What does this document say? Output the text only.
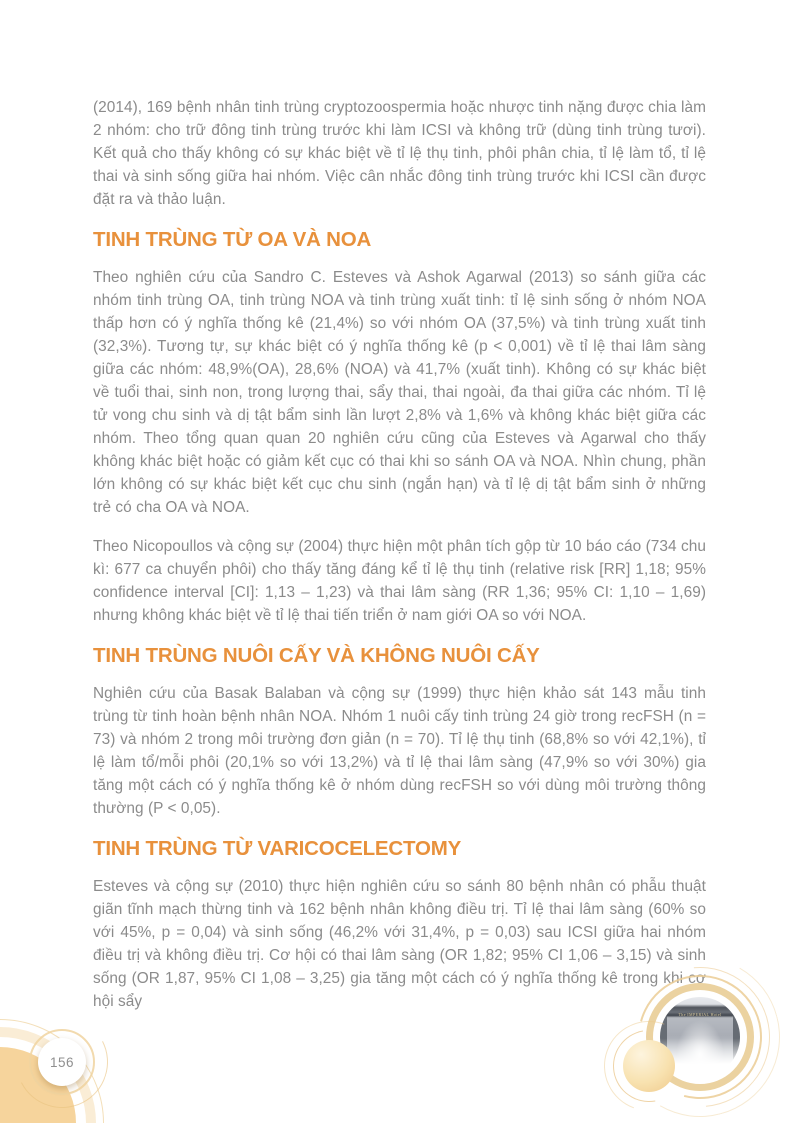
(2014), 169 bệnh nhân tinh trùng cryptozoospermia hoặc nhược tinh nặng được chia làm 2 nhóm: cho trữ đông tinh trùng trước khi làm ICSI và không trữ (dùng tinh trùng tươi). Kết quả cho thấy không có sự khác biệt về tỉ lệ thụ tinh, phôi phân chia, tỉ lệ làm tổ, tỉ lệ thai và sinh sống giữa hai nhóm. Việc cân nhắc đông tinh trùng trước khi ICSI cần được đặt ra và thảo luận.

TINH TRÙNG TỪ OA VÀ NOA

Theo nghiên cứu của Sandro C. Esteves và Ashok Agarwal (2013) so sánh giữa các nhóm tinh trùng OA, tinh trùng NOA và tinh trùng xuất tinh: tỉ lệ sinh sống ở nhóm NOA thấp hơn có ý nghĩa thống kê (21,4%) so với nhóm OA (37,5%) và tinh trùng xuất tinh (32,3%). Tương tự, sự khác biệt có ý nghĩa thống kê (p < 0,001) về tỉ lệ thai lâm sàng giữa các nhóm: 48,9%(OA), 28,6% (NOA) và 41,7% (xuất tinh). Không có sự khác biệt về tuổi thai, sinh non, trong lượng thai, sẩy thai, thai ngoài, đa thai giữa các nhóm. Tỉ lệ tử vong chu sinh và dị tật bẩm sinh lần lượt 2,8% và 1,6% và không khác biệt giữa các nhóm. Theo tổng quan quan 20 nghiên cứu cũng của Esteves và Agarwal cho thấy không khác biệt hoặc có giảm kết cục có thai khi so sánh OA và NOA. Nhìn chung, phần lớn không có sự khác biệt kết cục chu sinh (ngắn hạn) và tỉ lệ dị tật bẩm sinh ở những trẻ có cha OA và NOA.

Theo Nicopoullos và cộng sự (2004) thực hiện một phân tích gộp từ 10 báo cáo (734 chu kì: 677 ca chuyển phôi) cho thấy tăng đáng kể tỉ lệ thụ tinh (relative risk [RR] 1,18; 95% confidence interval [CI]: 1,13 – 1,23) và thai lâm sàng (RR 1,36; 95% CI: 1,10 – 1,69) nhưng không khác biệt về tỉ lệ thai tiến triển ở nam giới OA so với NOA.

TINH TRÙNG NUÔI CẤY VÀ KHÔNG NUÔI CẤY

Nghiên cứu của Basak Balaban và cộng sự (1999) thực hiện khảo sát 143 mẫu tinh trùng từ tinh hoàn bệnh nhân NOA. Nhóm 1 nuôi cấy tinh trùng 24 giờ trong recFSH (n = 73) và nhóm 2 trong môi trường đơn giản (n = 70). Tỉ lệ thụ tinh (68,8% so với 42,1%), tỉ lệ làm tổ/mỗi phôi (20,1% so với 13,2%) và tỉ lệ thai lâm sàng (47,9% so với 30%) gia tăng một cách có ý nghĩa thống kê ở nhóm dùng recFSH so với dùng môi trường thông thường (P < 0,05).

TINH TRÙNG TỪ VARICOCELECTOMY

Esteves và cộng sự (2010) thực hiện nghiên cứu so sánh 80 bệnh nhân có phẫu thuật giãn tĩnh mạch thừng tinh và 162 bệnh nhân không điều trị. Tỉ lệ thai lâm sàng (60% so với 45%, p = 0,04) và sinh sống (46,2% với 31,4%, p = 0,03) sau ICSI giữa hai nhóm điều trị và không điều trị. Cơ hội có thai lâm sàng (OR 1,82; 95% CI 1,06 – 3,15) và sinh sống (OR 1,87, 95% CI 1,08 – 3,25) gia tăng một cách có ý nghĩa thống kê trong khi cơ hội sẩy

156
The IMPERIAL Hotel
